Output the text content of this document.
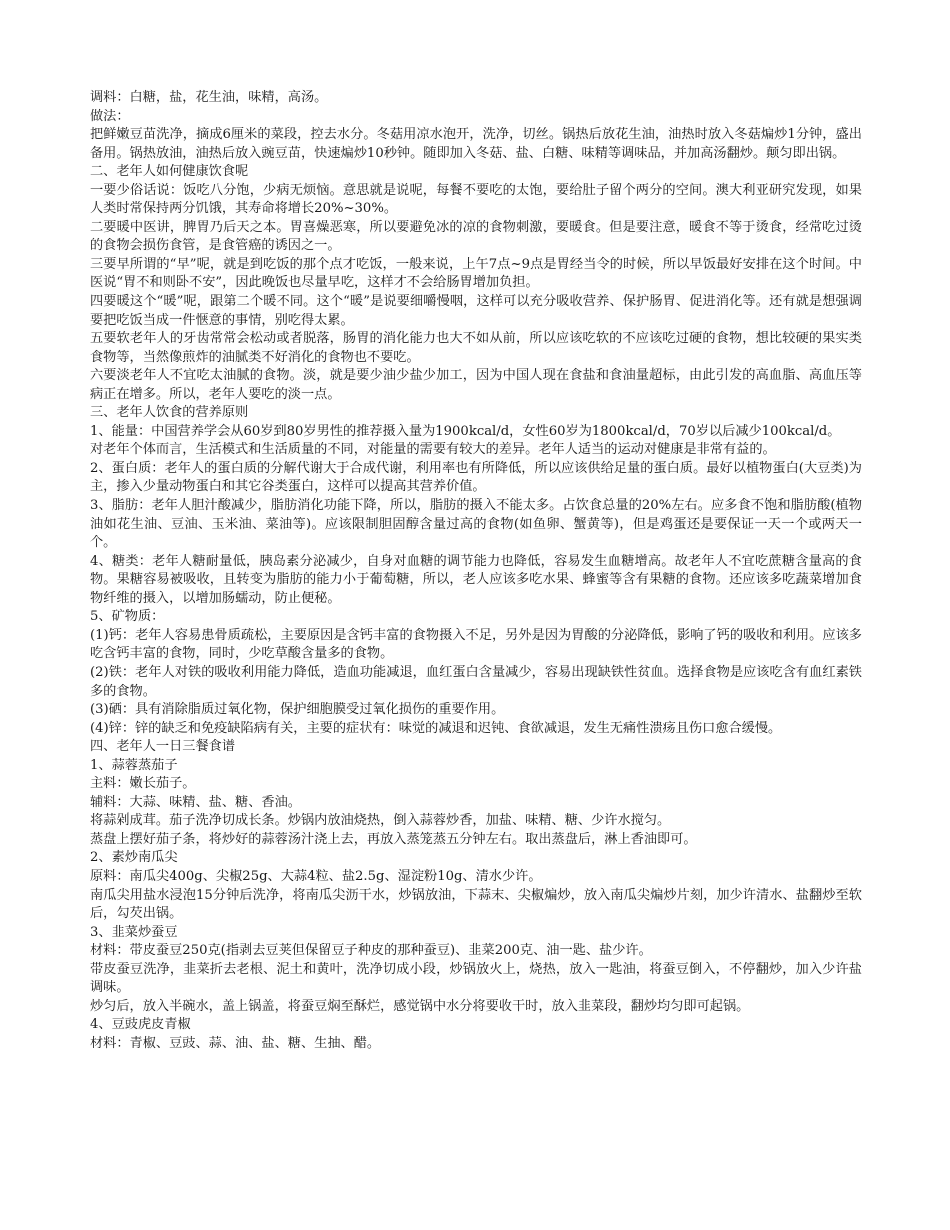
调料：白糖，盐，花生油，味精，高汤。

做法：

把鲜嫩豆苗洗净，摘成6厘米的菜段，控去水分。冬菇用凉水泡开，洗净，切丝。锅热后放花生油，油热时放入冬菇煸炒1分钟，盛出备用。锅热放油，油热后放入豌豆苗，快速煸炒10秒钟。随即加入冬菇、盐、白糖、味精等调味品，并加高汤翻炒。颠匀即出锅。

二、老年人如何健康饮食呢

一要少俗话说：饭吃八分饱，少病无烦恼。意思就是说呢，每餐不要吃的太饱，要给肚子留个两分的空间。澳大利亚研究发现，如果人类时常保持两分饥饿，其寿命将增长20%~30%。

二要暖中医讲，脾胃乃后天之本。胃喜燥恶寒，所以要避免冰的凉的食物刺激，要暖食。但是要注意，暖食不等于烫食，经常吃过烫的食物会损伤食管，是食管癌的诱因之一。

三要早所谓的“早”呢，就是到吃饭的那个点才吃饭，一般来说，上午7点~9点是胃经当令的时候，所以早饭最好安排在这个时间。中医说“胃不和则卧不安”，因此晚饭也尽量早吃，这样才不会给肠胃增加负担。

四要暖这个“暖”呢，跟第二个暖不同。这个“暖”是说要细嚼慢咽，这样可以充分吸收营养、保护肠胃、促进消化等。还有就是想强调要把吃饭当成一件惬意的事情，别吃得太累。

五要软老年人的牙齿常常会松动或者脱落，肠胃的消化能力也大不如从前，所以应该吃软的不应该吃过硬的食物，想比较硬的果实类食物等，当然像煎炸的油腻类不好消化的食物也不要吃。

六要淡老年人不宜吃太油腻的食物。淡，就是要少油少盐少加工，因为中国人现在食盐和食油量超标，由此引发的高血脂、高血压等病正在增多。所以，老年人要吃的淡一点。

三、老年人饮食的营养原则

1、能量：中国营养学会从60岁到80岁男性的推荐摄入量为1900kcal/d，女性60岁为1800kcal/d，70岁以后减少100kcal/d。

对老年个体而言，生活模式和生活质量的不同，对能量的需要有较大的差异。老年人适当的运动对健康是非常有益的。

2、蛋白质：老年人的蛋白质的分解代谢大于合成代谢，利用率也有所降低，所以应该供给足量的蛋白质。最好以植物蛋白(大豆类)为主，掺入少量动物蛋白和其它谷类蛋白，这样可以提高其营养价值。

3、脂肪：老年人胆汁酸减少，脂肪消化功能下降，所以，脂肪的摄入不能太多。占饮食总量的20%左右。应多食不饱和脂肪酸(植物油如花生油、豆油、玉米油、菜油等)。应该限制胆固醇含量过高的食物(如鱼卵、蟹黄等)，但是鸡蛋还是要保证一天一个或两天一个。

4、糖类：老年人糖耐量低，胰岛素分泌减少，自身对血糖的调节能力也降低，容易发生血糖增高。故老年人不宜吃蔗糖含量高的食物。果糖容易被吸收，且转变为脂肪的能力小于葡萄糖，所以，老人应该多吃水果、蜂蜜等含有果糖的食物。还应该多吃蔬菜增加食物纤维的摄入，以增加肠蠕动，防止便秘。

5、矿物质：

(1)钙：老年人容易患骨质疏松，主要原因是含钙丰富的食物摄入不足，另外是因为胃酸的分泌降低，影响了钙的吸收和利用。应该多吃含钙丰富的食物，同时，少吃草酸含量多的食物。

(2)铁：老年人对铁的吸收利用能力降低，造血功能减退，血红蛋白含量减少，容易出现缺铁性贫血。选择食物是应该吃含有血红素铁多的食物。

(3)硒：具有消除脂质过氧化物，保护细胞膜受过氧化损伤的重要作用。

(4)锌：锌的缺乏和免疫缺陷病有关，主要的症状有：味觉的减退和迟钝、食欲减退，发生无痛性溃疡且伤口愈合缓慢。

四、老年人一日三餐食谱

1、蒜蓉蒸茄子

主料：嫩长茄子。

辅料：大蒜、味精、盐、糖、香油。

将蒜剁成茸。茄子洗净切成长条。炒锅内放油烧热，倒入蒜蓉炒香，加盐、味精、糖、少许水搅匀。

蒸盘上摆好茄子条，将炒好的蒜蓉汤汁浇上去，再放入蒸笼蒸五分钟左右。取出蒸盘后，淋上香油即可。

2、素炒南瓜尖

原料：南瓜尖400g、尖椒25g、大蒜4粒、盐2.5g、湿淀粉10g、清水少许。

南瓜尖用盐水浸泡15分钟后洗净，将南瓜尖沥干水，炒锅放油，下蒜末、尖椒煸炒，放入南瓜尖煸炒片刻，加少许清水、盐翻炒至软后，勾芡出锅。

3、韭菜炒蚕豆

材料：带皮蚕豆250克(指剥去豆荚但保留豆子种皮的那种蚕豆)、韭菜200克、油一匙、盐少许。

带皮蚕豆洗净，韭菜折去老根、泥土和黄叶，洗净切成小段，炒锅放火上，烧热，放入一匙油，将蚕豆倒入，不停翻炒，加入少许盐调味。

炒匀后，放入半碗水，盖上锅盖，将蚕豆焖至酥烂，感觉锅中水分将要收干时，放入韭菜段，翻炒均匀即可起锅。

4、豆豉虎皮青椒

材料：青椒、豆豉、蒜、油、盐、糖、生抽、醋。
